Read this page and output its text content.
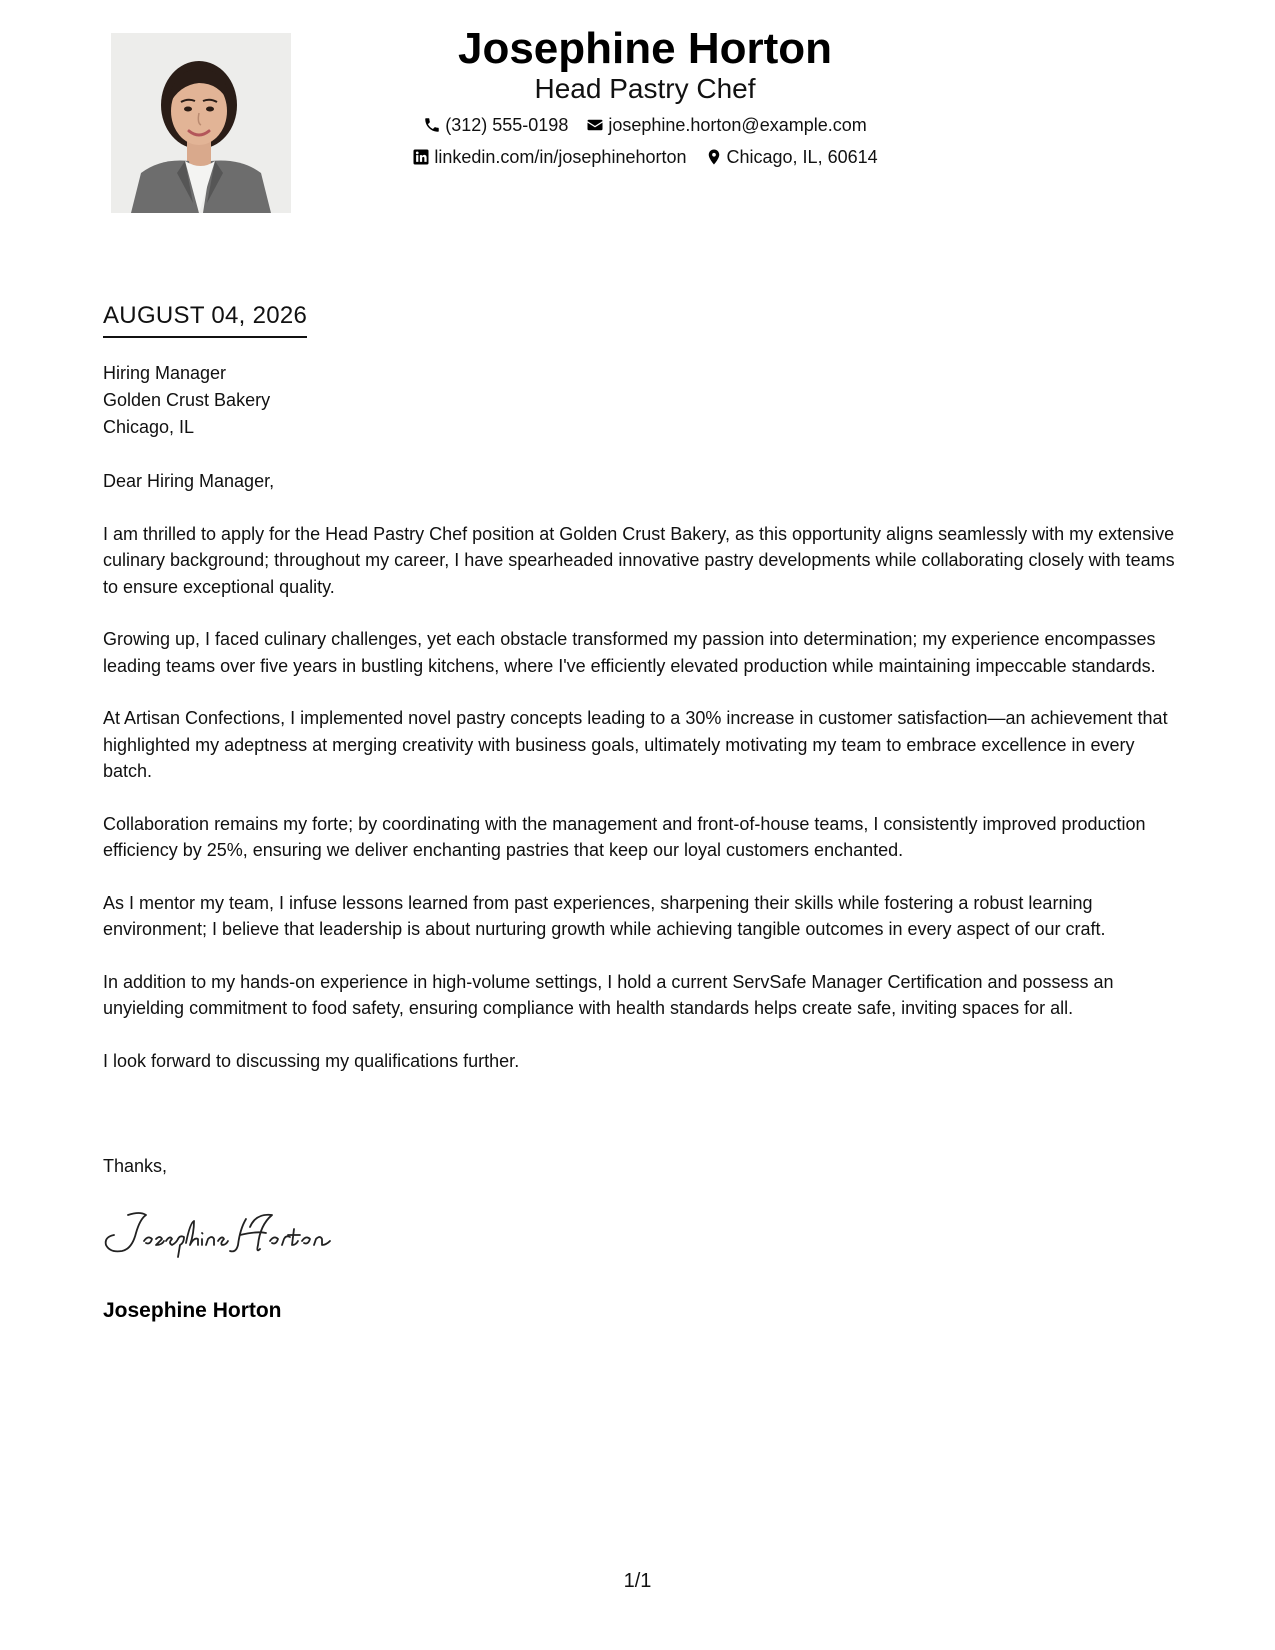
Josephine Horton
Head Pastry Chef
(312) 555-0198 josephine.horton@example.com
linkedin.com/in/josephinehorton Chicago, IL, 60614
AUGUST 04, 2026
Hiring Manager
Golden Crust Bakery
Chicago, IL

Dear Hiring Manager,

I am thrilled to apply for the Head Pastry Chef position at Golden Crust Bakery, as this opportunity aligns seamlessly with my extensive culinary background; throughout my career, I have spearheaded innovative pastry developments while collaborating closely with teams to ensure exceptional quality.

Growing up, I faced culinary challenges, yet each obstacle transformed my passion into determination; my experience encompasses leading teams over five years in bustling kitchens, where I've efficiently elevated production while maintaining impeccable standards.

At Artisan Confections, I implemented novel pastry concepts leading to a 30% increase in customer satisfaction—an achievement that highlighted my adeptness at merging creativity with business goals, ultimately motivating my team to embrace excellence in every batch.

Collaboration remains my forte; by coordinating with the management and front-of-house teams, I consistently improved production efficiency by 25%, ensuring we deliver enchanting pastries that keep our loyal customers enchanted.

As I mentor my team, I infuse lessons learned from past experiences, sharpening their skills while fostering a robust learning environment; I believe that leadership is about nurturing growth while achieving tangible outcomes in every aspect of our craft.

In addition to my hands-on experience in high-volume settings, I hold a current ServSafe Manager Certification and possess an unyielding commitment to food safety, ensuring compliance with health standards helps create safe, inviting spaces for all.

I look forward to discussing my qualifications further.

Thanks,
Josephine Horton
1/1
